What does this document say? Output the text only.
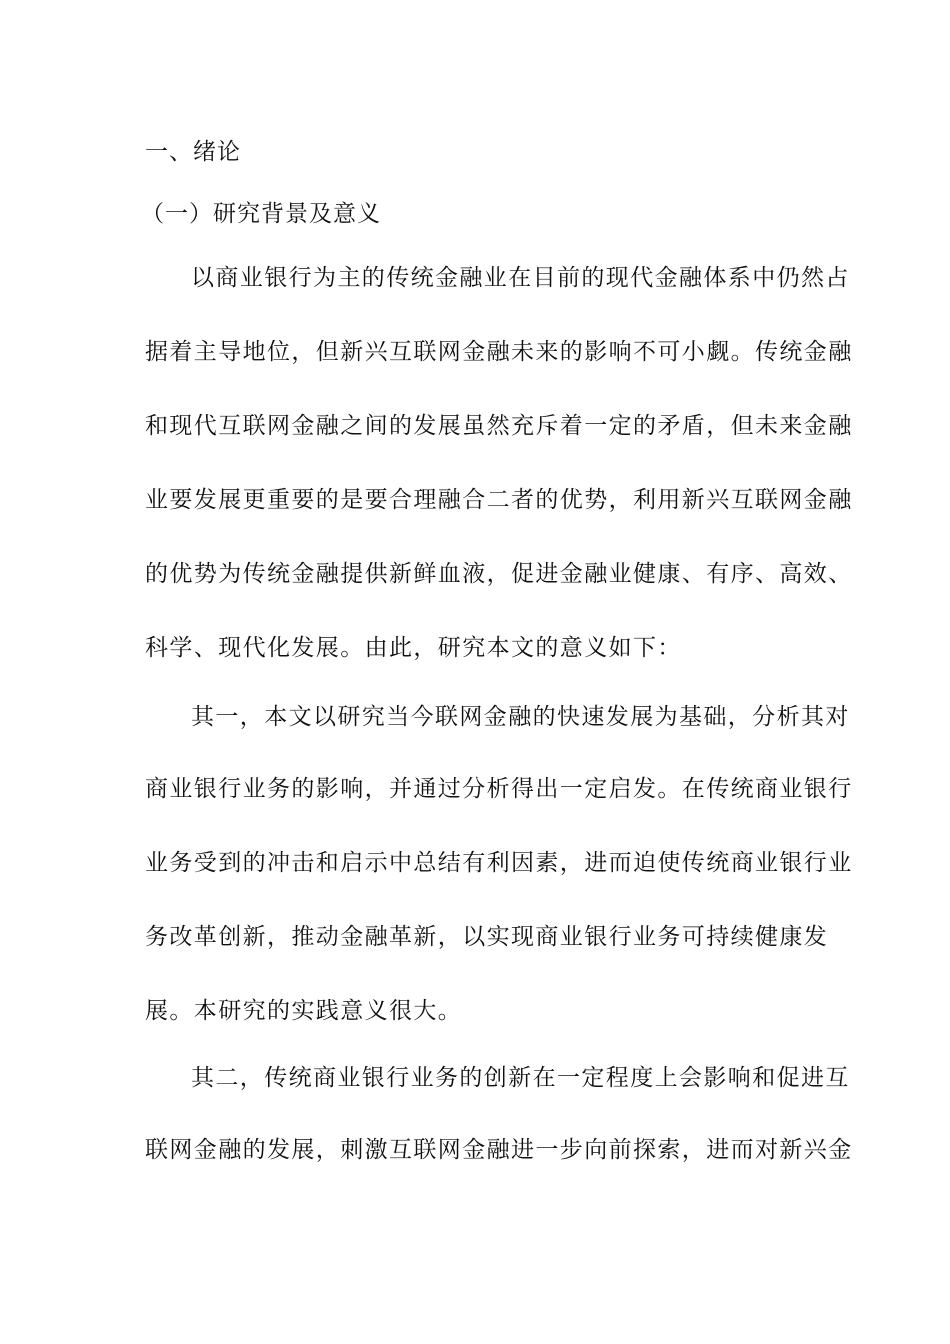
一、绪论
（一）研究背景及意义
以商业银行为主的传统金融业在目前的现代金融体系中仍然占
据着主导地位，但新兴互联网金融未来的影响不可小觑。传统金融
和现代互联网金融之间的发展虽然充斥着一定的矛盾，但未来金融
业要发展更重要的是要合理融合二者的优势，利用新兴互联网金融
的优势为传统金融提供新鲜血液，促进金融业健康、有序、高效、
科学、现代化发展。由此，研究本文的意义如下：
其一，本文以研究当今联网金融的快速发展为基础，分析其对
商业银行业务的影响，并通过分析得出一定启发。在传统商业银行
业务受到的冲击和启示中总结有利因素，进而迫使传统商业银行业
务改革创新，推动金融革新，以实现商业银行业务可持续健康发
展。本研究的实践意义很大。
其二，传统商业银行业务的创新在一定程度上会影响和促进互
联网金融的发展，刺激互联网金融进一步向前探索，进而对新兴金
